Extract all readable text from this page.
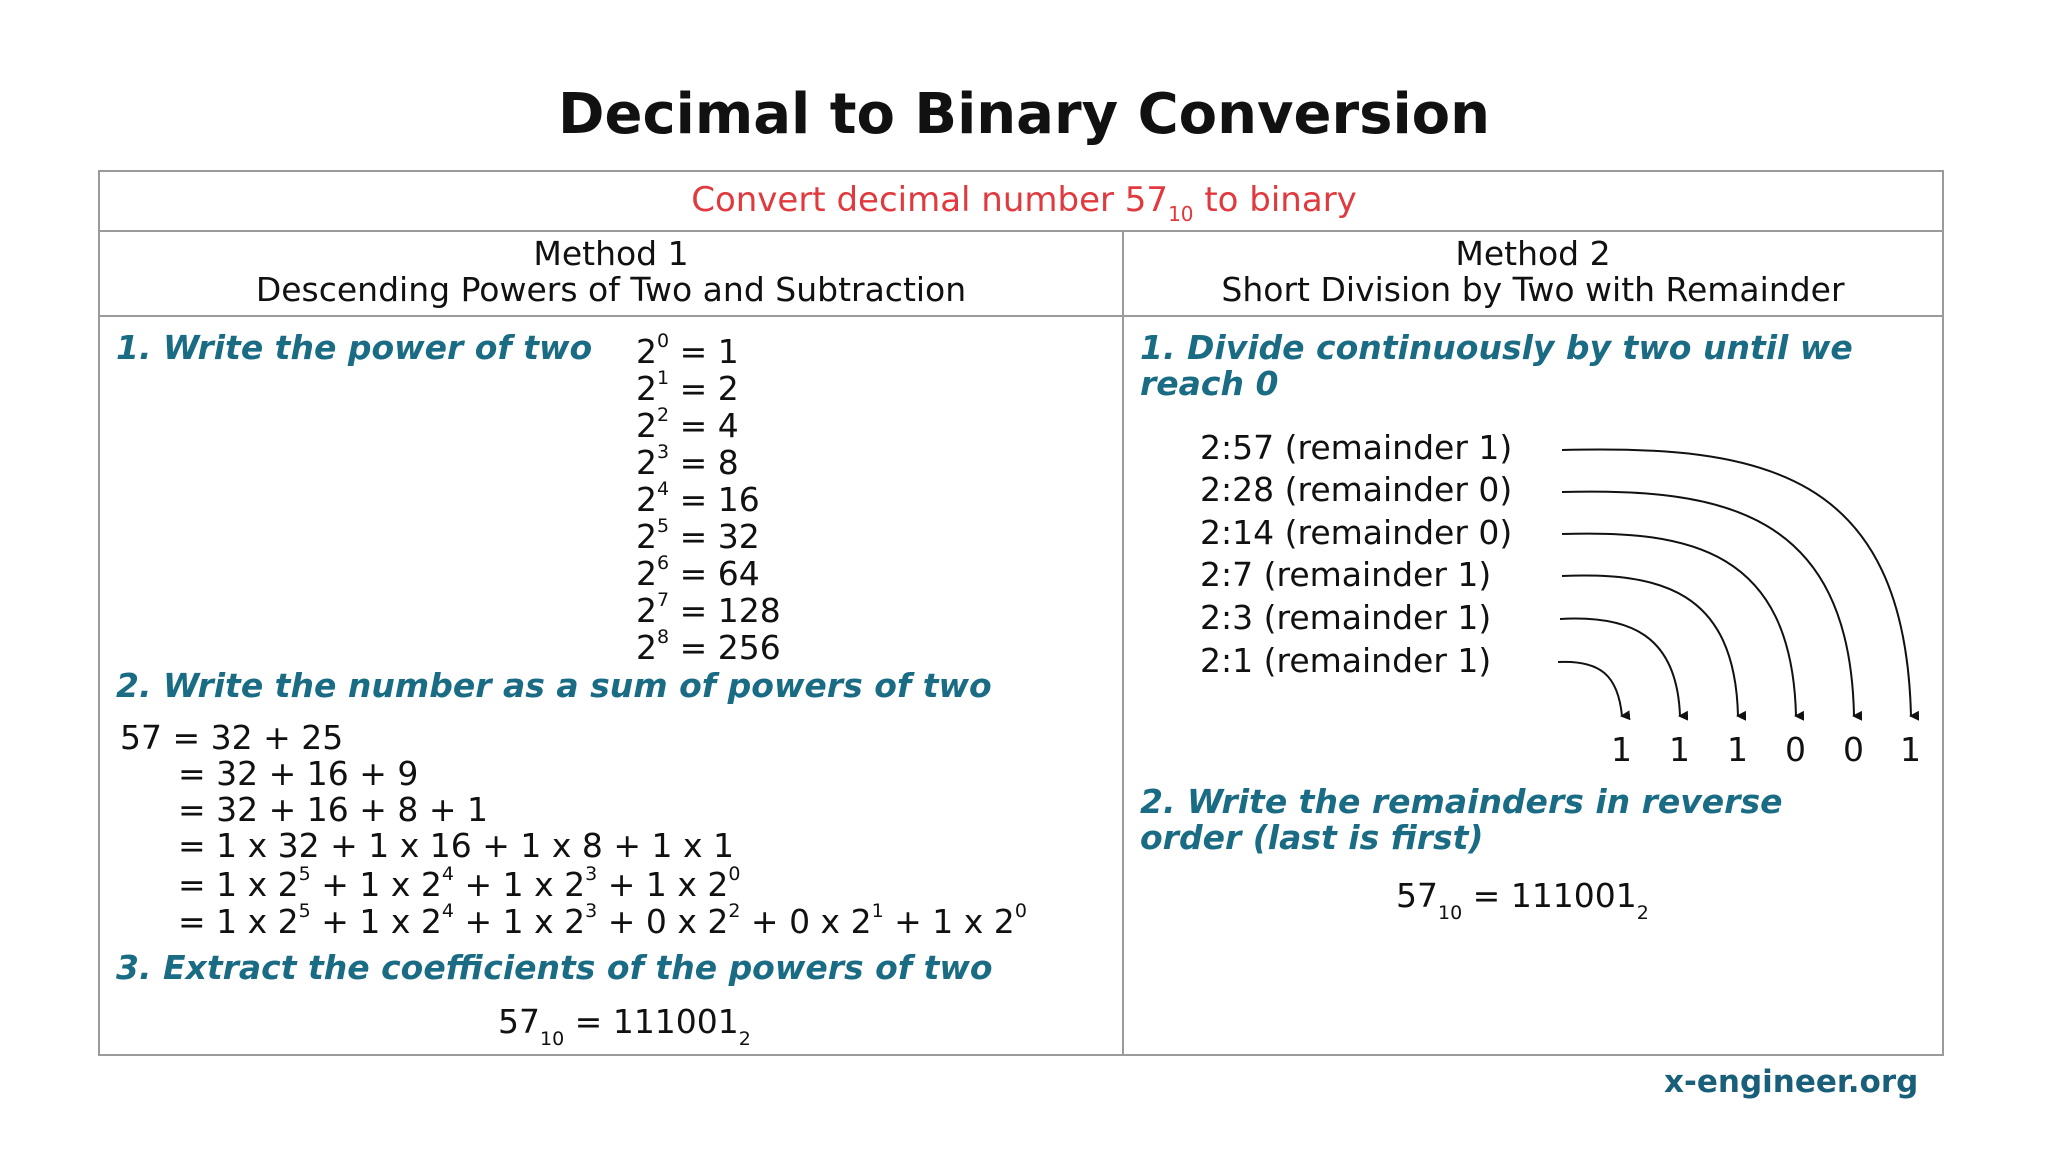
Decimal to Binary Conversion
Convert decimal number $57_{10}$ to binary
Method 1
Descending Powers of Two and Subtraction
Method 2
Short Division by Two with Remainder
1. Write the power of two

$2^0 = 1$

$2^1 = 2$

$2^2 = 4$

$2^3 = 8$

$2^4 = 16$

$2^5 = 32$

$2^6 = 64$

$2^7 = 128$

$2^8 = 256$

2. Write the number as a sum of powers of two

57 = 32 + 25

= 32 + 16 + 9

= 32 + 16 + 8 + 1

= 1 x 32 + 1 x 16 + 1 x 8 + 1 x 1

= 1 x $2^5 + 1$ x $2^4 + 1$ x $2^3 + 1$ x $2^0$

= 1 x $2^5 + 1$ x $2^4 + 1$ x $2^3 + 0$ x $2^2 + 0$ x $2^1 + 1$ x $2^0$

3. Extract the coefficients of the powers of two
$57_{10} = 111001_2$
1. Divide continuously by two until we
reach 0

2:57 (remainder 1)

2:28 (remainder 0)

2:14 (remainder 0)

2:7 (remainder 1)

2:3 (remainder 1)

2:1 (remainder 1)

1 1 1 0 0 1
2. Write the remainders in reverse
order (last is first)
$57_{10} = 111001_2$
x-engineer.org
